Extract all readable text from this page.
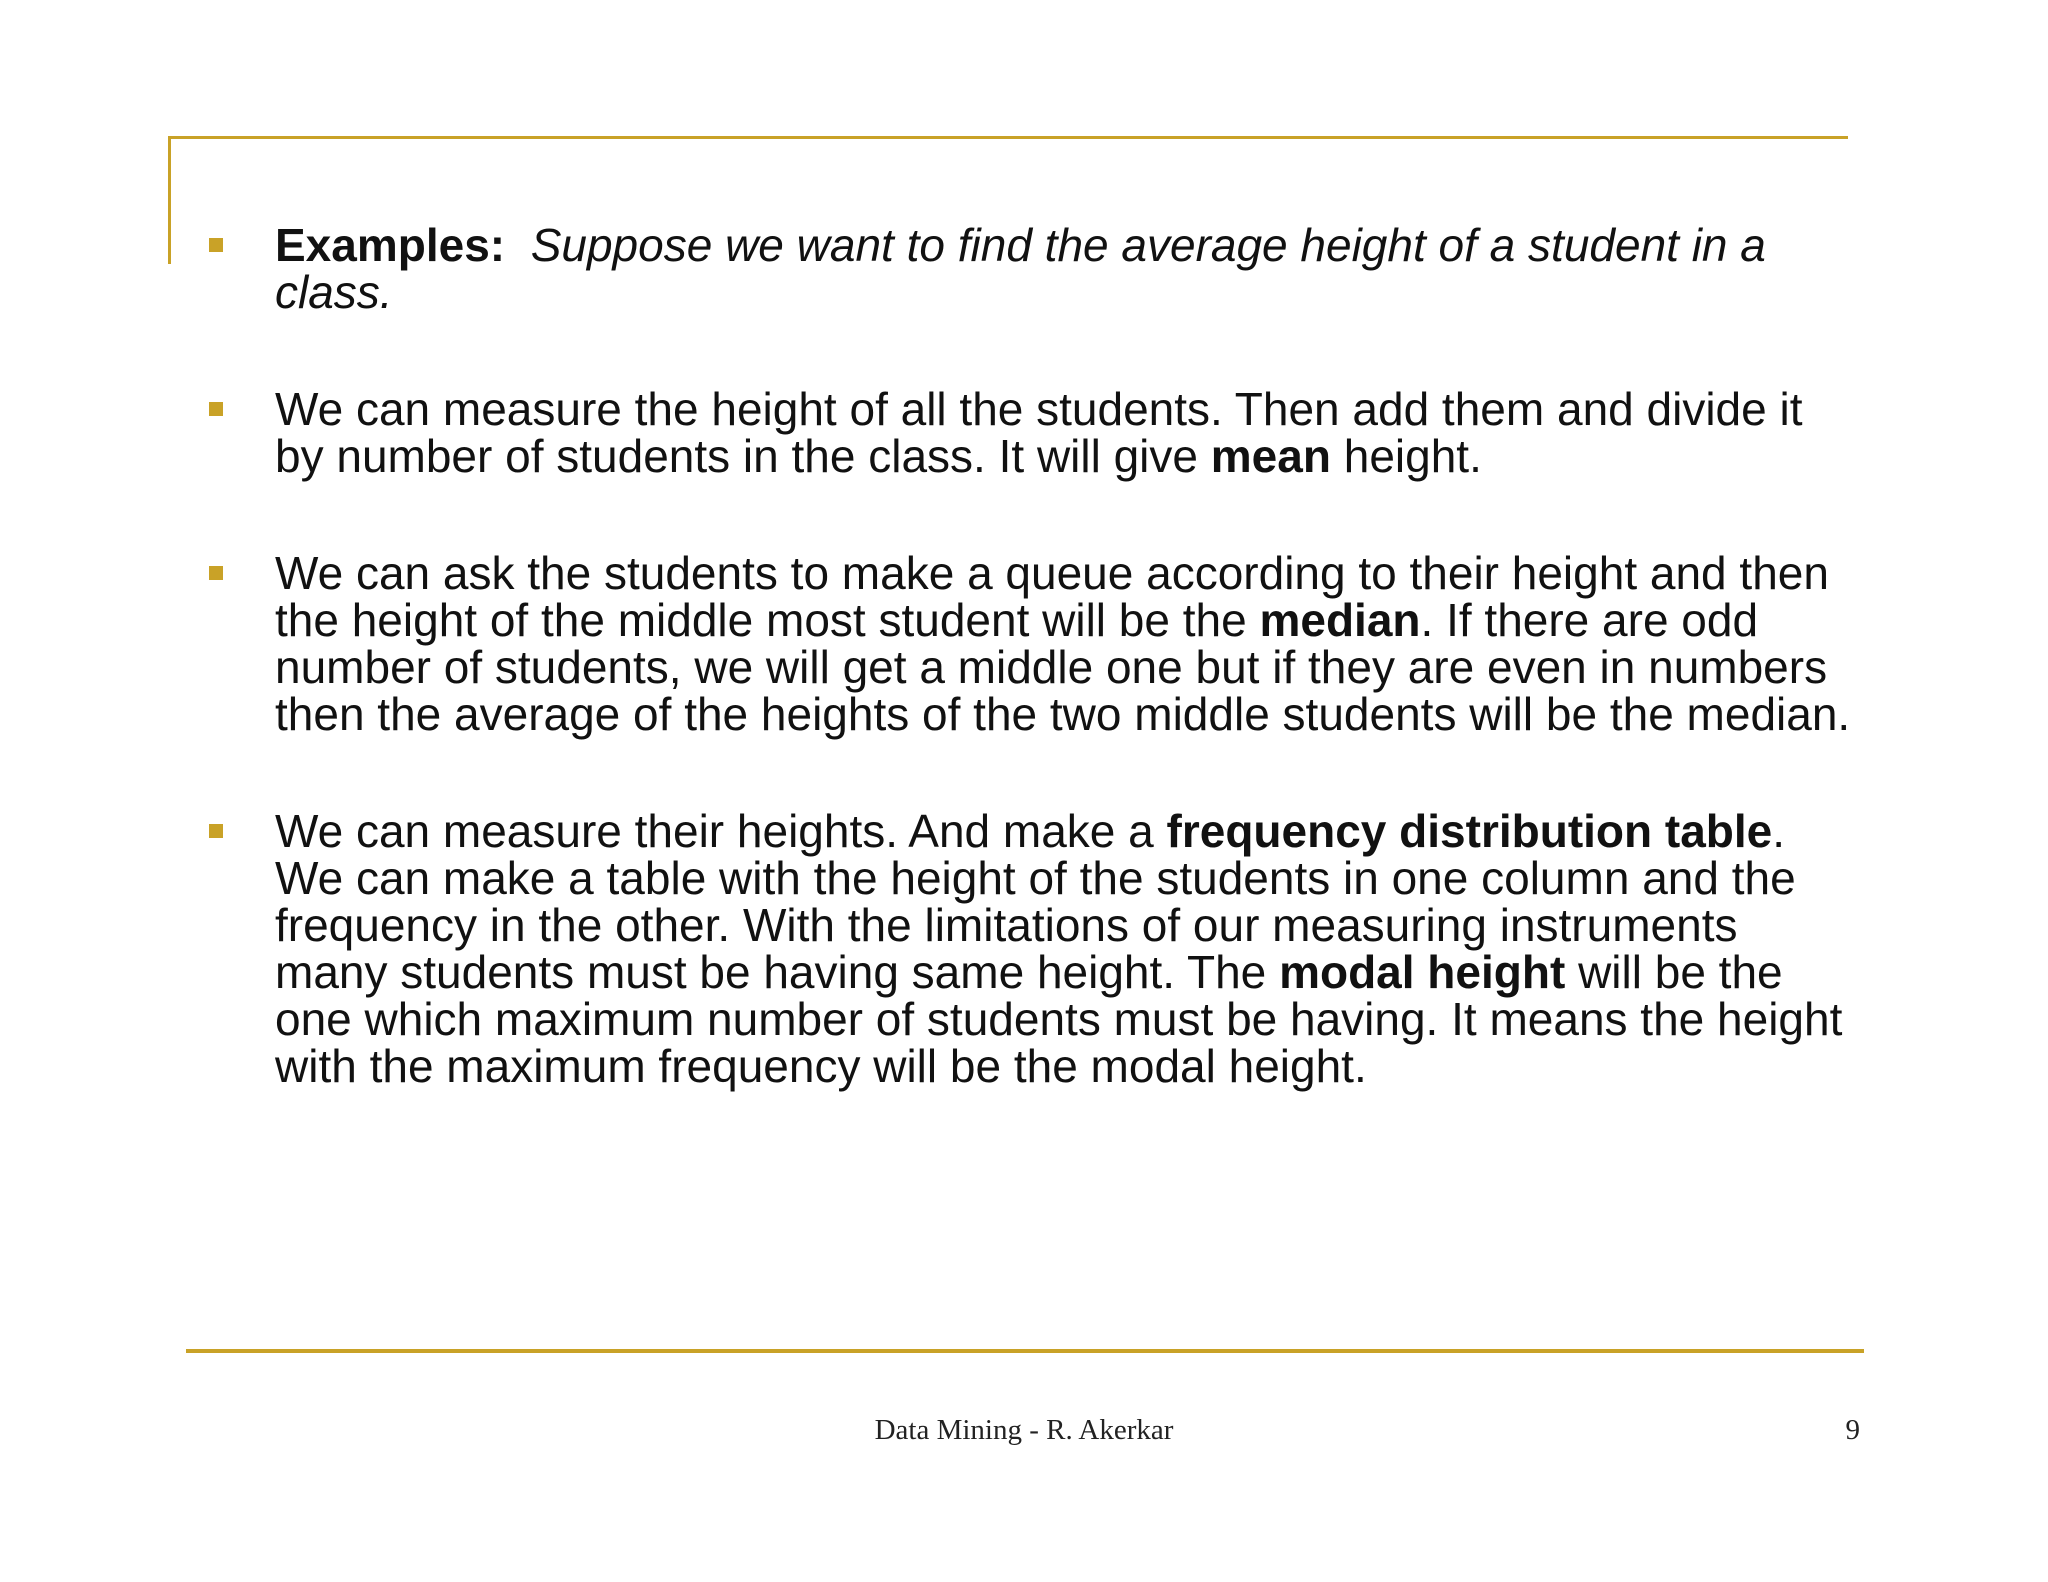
Examples: Suppose we want to find the average height of a student in a class.
We can measure the height of all the students. Then add them and divide it by number of students in the class. It will give mean height.
We can ask the students to make a queue according to their height and then the height of the middle most student will be the median. If there are odd number of students, we will get a middle one but if they are even in numbers then the average of the heights of the two middle students will be the median.
We can measure their heights. And make a frequency distribution table. We can make a table with the height of the students in one column and the frequency in the other. With the limitations of our measuring instruments many students must be having same height. The modal height will be the one which maximum number of students must be having. It means the height with the maximum frequency will be the modal height.
Data Mining - R. Akerkar	9
